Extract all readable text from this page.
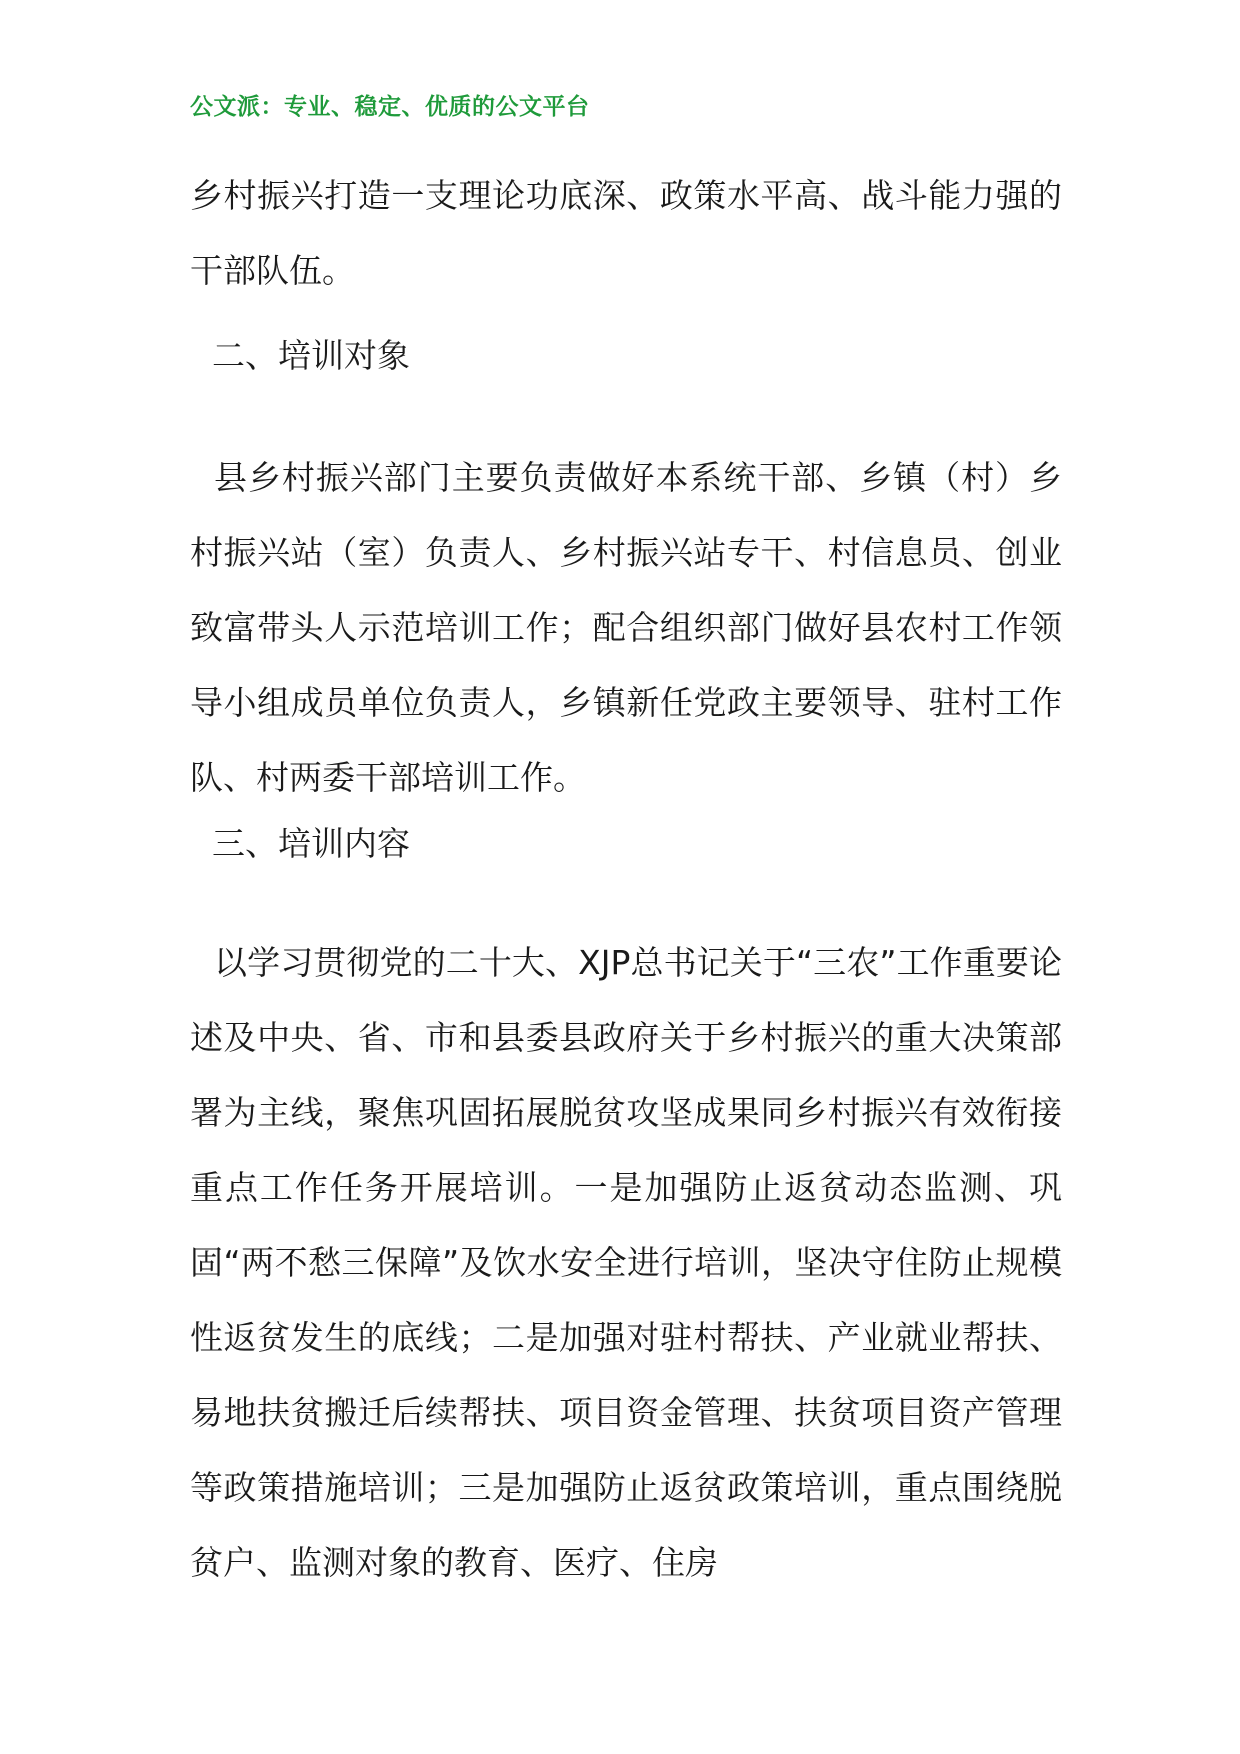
公文派：专业、稳定、优质的公文平台

乡村振兴打造一支理论功底深、政策水平高、战斗能力强的干部队伍。

二、培训对象

县乡村振兴部门主要负责做好本系统干部、乡镇（村）乡村振兴站（室）负责人、乡村振兴站专干、村信息员、创业致富带头人示范培训工作；配合组织部门做好县农村工作领导小组成员单位负责人，乡镇新任党政主要领导、驻村工作队、村两委干部培训工作。

三、培训内容

以学习贯彻党的二十大、XJP总书记关于“三农”工作重要论述及中央、省、市和县委县政府关于乡村振兴的重大决策部署为主线，聚焦巩固拓展脱贫攻坚成果同乡村振兴有效衔接重点工作任务开展培训。一是加强防止返贫动态监测、巩固“两不愁三保障”及饮水安全进行培训，坚决守住防止规模性返贫发生的底线；二是加强对驻村帮扶、产业就业帮扶、易地扶贫搬迁后续帮扶、项目资金管理、扶贫项目资产管理等政策措施培训；三是加强防止返贫政策培训，重点围绕脱贫户、监测对象的教育、医疗、住房
